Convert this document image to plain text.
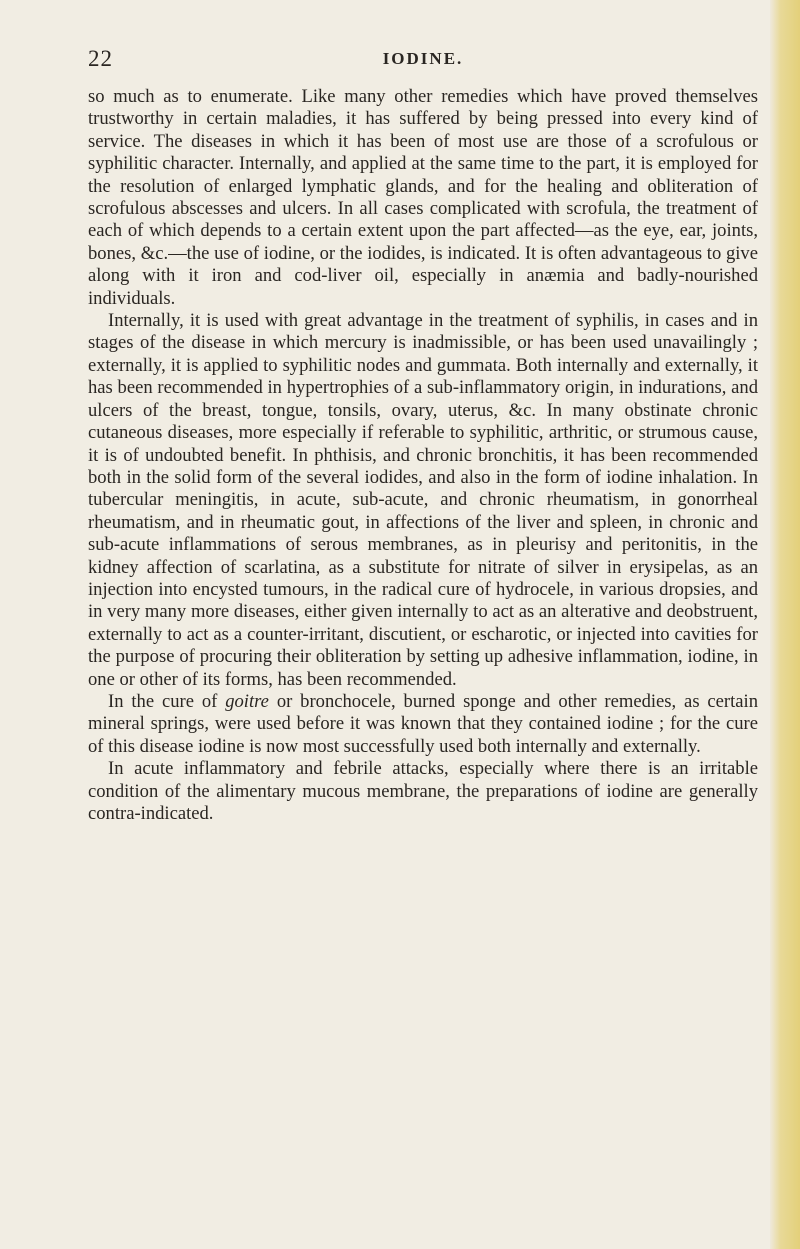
22	IODINE.

so much as to enumerate. Like many other remedies which have proved themselves trustworthy in certain maladies, it has suffered by being pressed into every kind of service. The diseases in which it has been of most use are those of a scrofulous or syphilitic character. Internally, and applied at the same time to the part, it is employed for the resolution of enlarged lymphatic glands, and for the healing and obliteration of scrofulous abscesses and ulcers. In all cases complicated with scrofula, the treatment of each of which depends to a certain extent upon the part affected—as the eye, ear, joints, bones, &c.—the use of iodine, or the iodides, is indicated. It is often advantageous to give along with it iron and cod-liver oil, especially in anæmia and badly-nourished individuals.

Internally, it is used with great advantage in the treatment of syphilis, in cases and in stages of the disease in which mercury is inadmissible, or has been used unavailingly ; externally, it is applied to syphilitic nodes and gummata. Both internally and externally, it has been recommended in hypertrophies of a sub-inflammatory origin, in indurations, and ulcers of the breast, tongue, tonsils, ovary, uterus, &c. In many obstinate chronic cutaneous diseases, more especially if referable to syphilitic, arthritic, or strumous cause, it is of undoubted benefit. In phthisis, and chronic bronchitis, it has been recommended both in the solid form of the several iodides, and also in the form of iodine inhalation. In tubercular meningitis, in acute, sub-acute, and chronic rheumatism, in gonorrheal rheumatism, and in rheumatic gout, in affections of the liver and spleen, in chronic and sub-acute inflammations of serous membranes, as in pleurisy and peritonitis, in the kidney affection of scarlatina, as a substitute for nitrate of silver in erysipelas, as an injection into encysted tumours, in the radical cure of hydrocele, in various dropsies, and in very many more diseases, either given internally to act as an alterative and deobstruent, externally to act as a counter-irritant, discutient, or escharotic, or injected into cavities for the purpose of procuring their obliteration by setting up adhesive inflammation, iodine, in one or other of its forms, has been recommended.

In the cure of goitre or bronchocele, burned sponge and other remedies, as certain mineral springs, were used before it was known that they contained iodine ; for the cure of this disease iodine is now most successfully used both internally and externally.

In acute inflammatory and febrile attacks, especially where there is an irritable condition of the alimentary mucous membrane, the preparations of iodine are generally contra-indicated.
